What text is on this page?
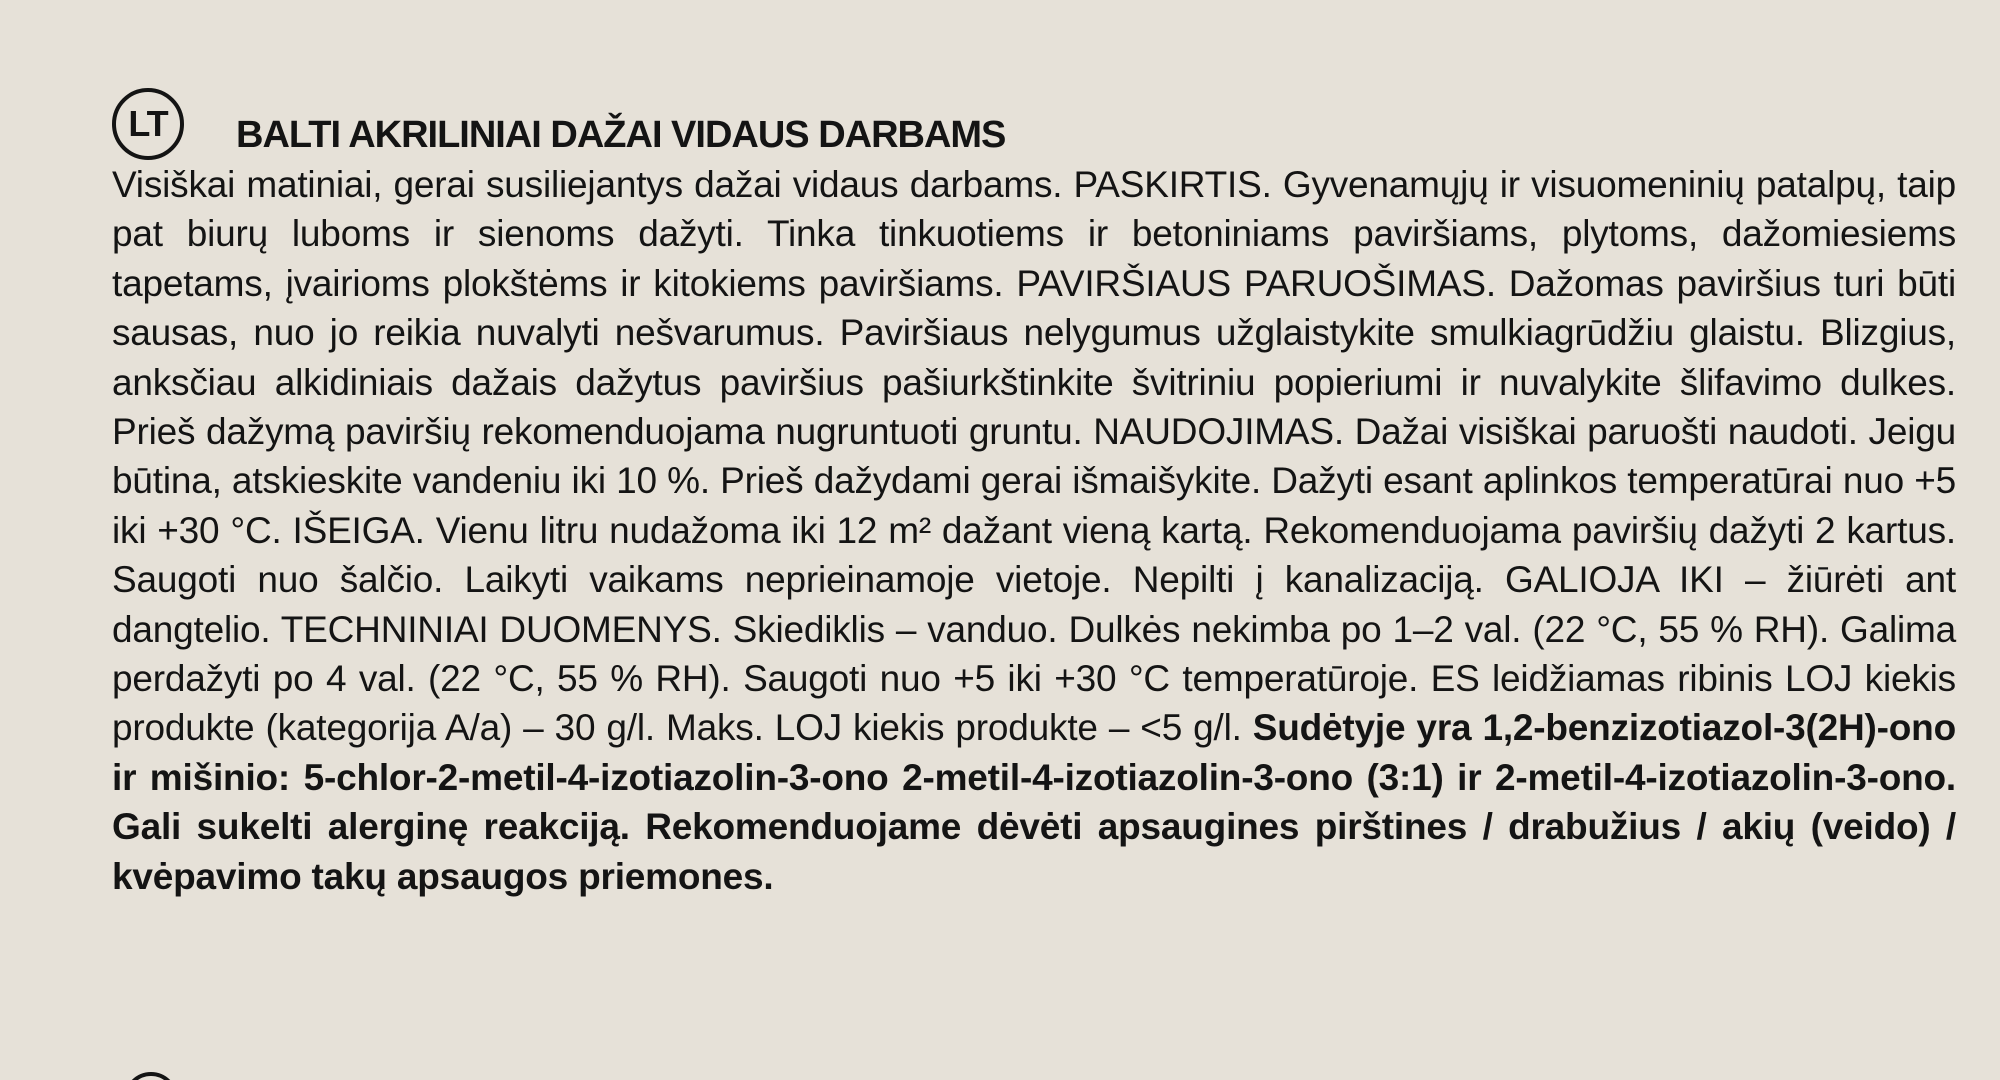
LT	BALTI AKRILINIAI DAŽAI VIDAUS DARBAMS

Visiškai matiniai, gerai susiliejantys dažai vidaus darbams. PASKIRTIS. Gyvenamųjų ir visuomeninių patalpų, taip pat biurų luboms ir sienoms dažyti. Tinka tinkuotiems ir betoniniams paviršiams, plytoms, dažomiesiems tapetams, įvairioms plokštėms ir kitokiems paviršiams. PAVIRŠIAUS PARUOŠIMAS. Dažomas paviršius turi būti sausas, nuo jo reikia nuvalyti nešvarumus. Paviršiaus nelygumus užglaistykite smulkiagrūdžiu glaistu. Blizgius, anksčiau alkidiniais dažais dažytus paviršius pašiurkštinkite švitriniu popieriumi ir nuvalykite šlifavimo dulkes. Prieš dažymą paviršių rekomenduojama nugruntuoti gruntu. NAUDOJIMAS. Dažai visiškai paruošti naudoti. Jeigu būtina, atskieskite vandeniu iki 10 %. Prieš dažydami gerai išmaišykite. Dažyti esant aplinkos temperatūrai nuo +5 iki +30 °C. IŠEIGA. Vienu litru nudažoma iki 12 m² dažant vieną kartą. Rekomenduojama paviršių dažyti 2 kartus. Saugoti nuo šalčio. Laikyti vaikams neprieinamoje vietoje. Nepilti į kanalizaciją. GALIOJA IKI – žiūrėti ant dangtelio. TECHNINIAI DUOMENYS. Skiediklis – vanduo. Dulkės nekimba po 1–2 val. (22 °C, 55 % RH). Galima perdažyti po 4 val. (22 °C, 55 % RH). Saugoti nuo +5 iki +30 °C temperatūroje. ES leidžiamas ribinis LOJ kiekis produkte (kategorija A/a) – 30 g/l. Maks. LOJ kiekis produkte – <5 g/l. Sudėtyje yra 1,2-benzizotiazol-3(2H)-ono ir mišinio: 5-chlor-2-metil-4-izotiazolin-3-ono 2-metil-4-izotiazolin-3-ono (3:1) ir 2-metil-4-izotiazolin-3-ono. Gali sukelti alerginę reakciją. Rekomenduojame dėvėti apsaugines pirštines / drabužius / akių (veido) / kvėpavimo takų apsaugos priemones.
